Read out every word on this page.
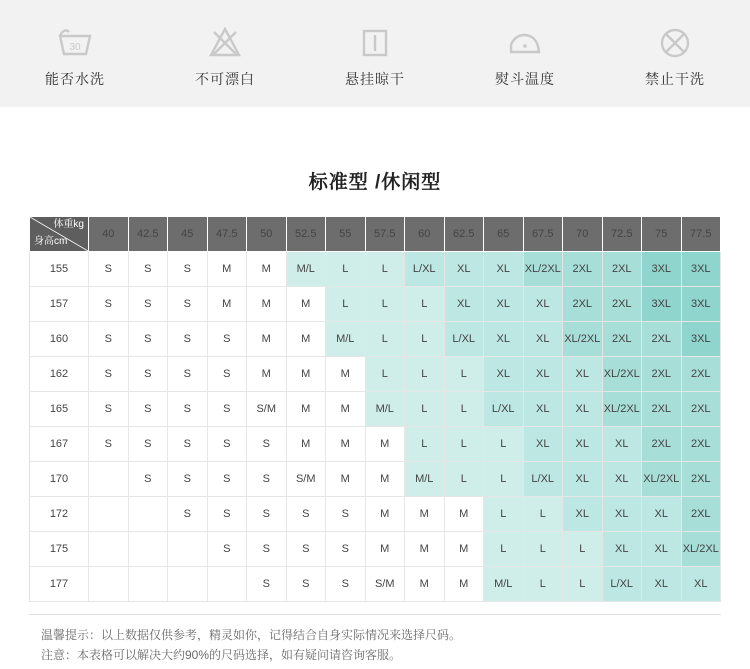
30
能否水洗	不可漂白	悬挂晾干	熨斗温度	禁止干洗
标准型 /休闲型
体重kg
身高cm	40	42.5	45	47.5	50	52.5	55	57.5	60	62.5	65	67.5	70	72.5	75	77.5
155	S	S	S	M	M	M/L	L	L	L/XL	XL	XL	XL/2XL	2XL	2XL	3XL	3XL
157	S	S	S	M	M	M	L	L	L	XL	XL	XL	2XL	2XL	3XL	3XL
160	S	S	S	S	M	M	M/L	L	L	L/XL	XL	XL	XL/2XL	2XL	2XL	3XL
162	S	S	S	S	M	M	M	L	L	L	XL	XL	XL	XL/2XL	2XL	2XL
165	S	S	S	S	S/M	M	M	M/L	L	L	L/XL	XL	XL	XL/2XL	2XL	2XL
167	S	S	S	S	S	M	M	M	L	L	L	XL	XL	XL	2XL	2XL
170		S	S	S	S	S/M	M	M	M/L	L	L	L/XL	XL	XL	XL/2XL	2XL
172			S	S	S	S	S	M	M	M	L	L	XL	XL	XL	2XL
175				S	S	S	S	M	M	M	L	L	L	XL	XL	XL/2XL
177					S	S	S	S/M	M	M	M/L	L	L	L/XL	XL	XL
温馨提示：以上数据仅供参考，精灵如你，记得结合自身实际情况来选择尺码。
注意：本表格可以解决大约90%的尺码选择，如有疑问请咨询客服。
